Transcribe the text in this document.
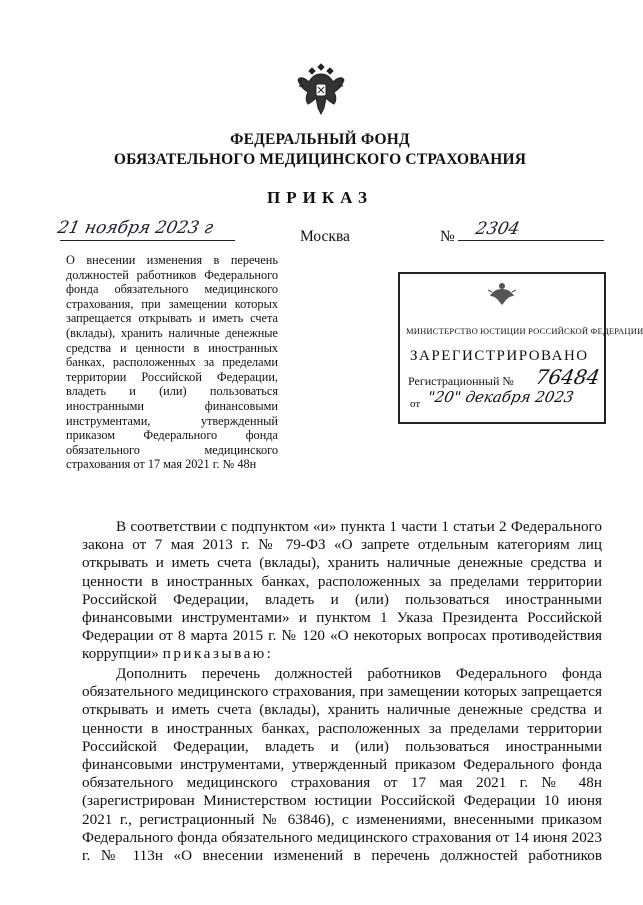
ФЕДЕРАЛЬНЫЙ ФОНД
ОБЯЗАТЕЛЬНОГО МЕДИЦИНСКОГО СТРАХОВАНИЯ
ПРИКАЗ
21 ноября 2023 г	Москва	№ 2304
О внесении изменения в перечень должностей работников Федерального фонда обязательного медицинского страхования, при замещении которых запрещается открывать и иметь счета (вклады), хранить наличные денежные средства и ценности в иностранных банках, расположенных за пределами территории Российской Федерации, владеть и (или) пользоваться иностранными финансовыми инструментами, утвержденный приказом Федерального фонда обязательного медицинского страхования от 17 мая 2021 г. № 48н
МИНИСТЕРСТВО ЮСТИЦИИ РОССИЙСКОЙ ФЕДЕРАЦИИ
ЗАРЕГИСТРИРОВАНО
Регистрационный № 76484
от "20" декабря 2023
В соответствии с подпунктом «и» пункта 1 части 1 статьи 2 Федерального закона от 7 мая 2013 г. № 79-ФЗ «О запрете отдельным категориям лиц открывать и иметь счета (вклады), хранить наличные денежные средства и ценности в иностранных банках, расположенных за пределами территории Российской Федерации, владеть и (или) пользоваться иностранными финансовыми инструментами» и пунктом 1 Указа Президента Российской Федерации от 8 марта 2015 г. № 120 «О некоторых вопросах противодействия коррупции» приказываю:
Дополнить перечень должностей работников Федерального фонда обязательного медицинского страхования, при замещении которых запрещается открывать и иметь счета (вклады), хранить наличные денежные средства и ценности в иностранных банках, расположенных за пределами территории Российской Федерации, владеть и (или) пользоваться иностранными финансовыми инструментами, утвержденный приказом Федерального фонда обязательного медицинского страхования от 17 мая 2021 г. № 48н (зарегистрирован Министерством юстиции Российской Федерации 10 июня 2021 г., регистрационный № 63846), с изменениями, внесенными приказом Федерального фонда обязательного медицинского страхования от 14 июня 2023 г. № 113н «О внесении изменений в перечень должностей работников
